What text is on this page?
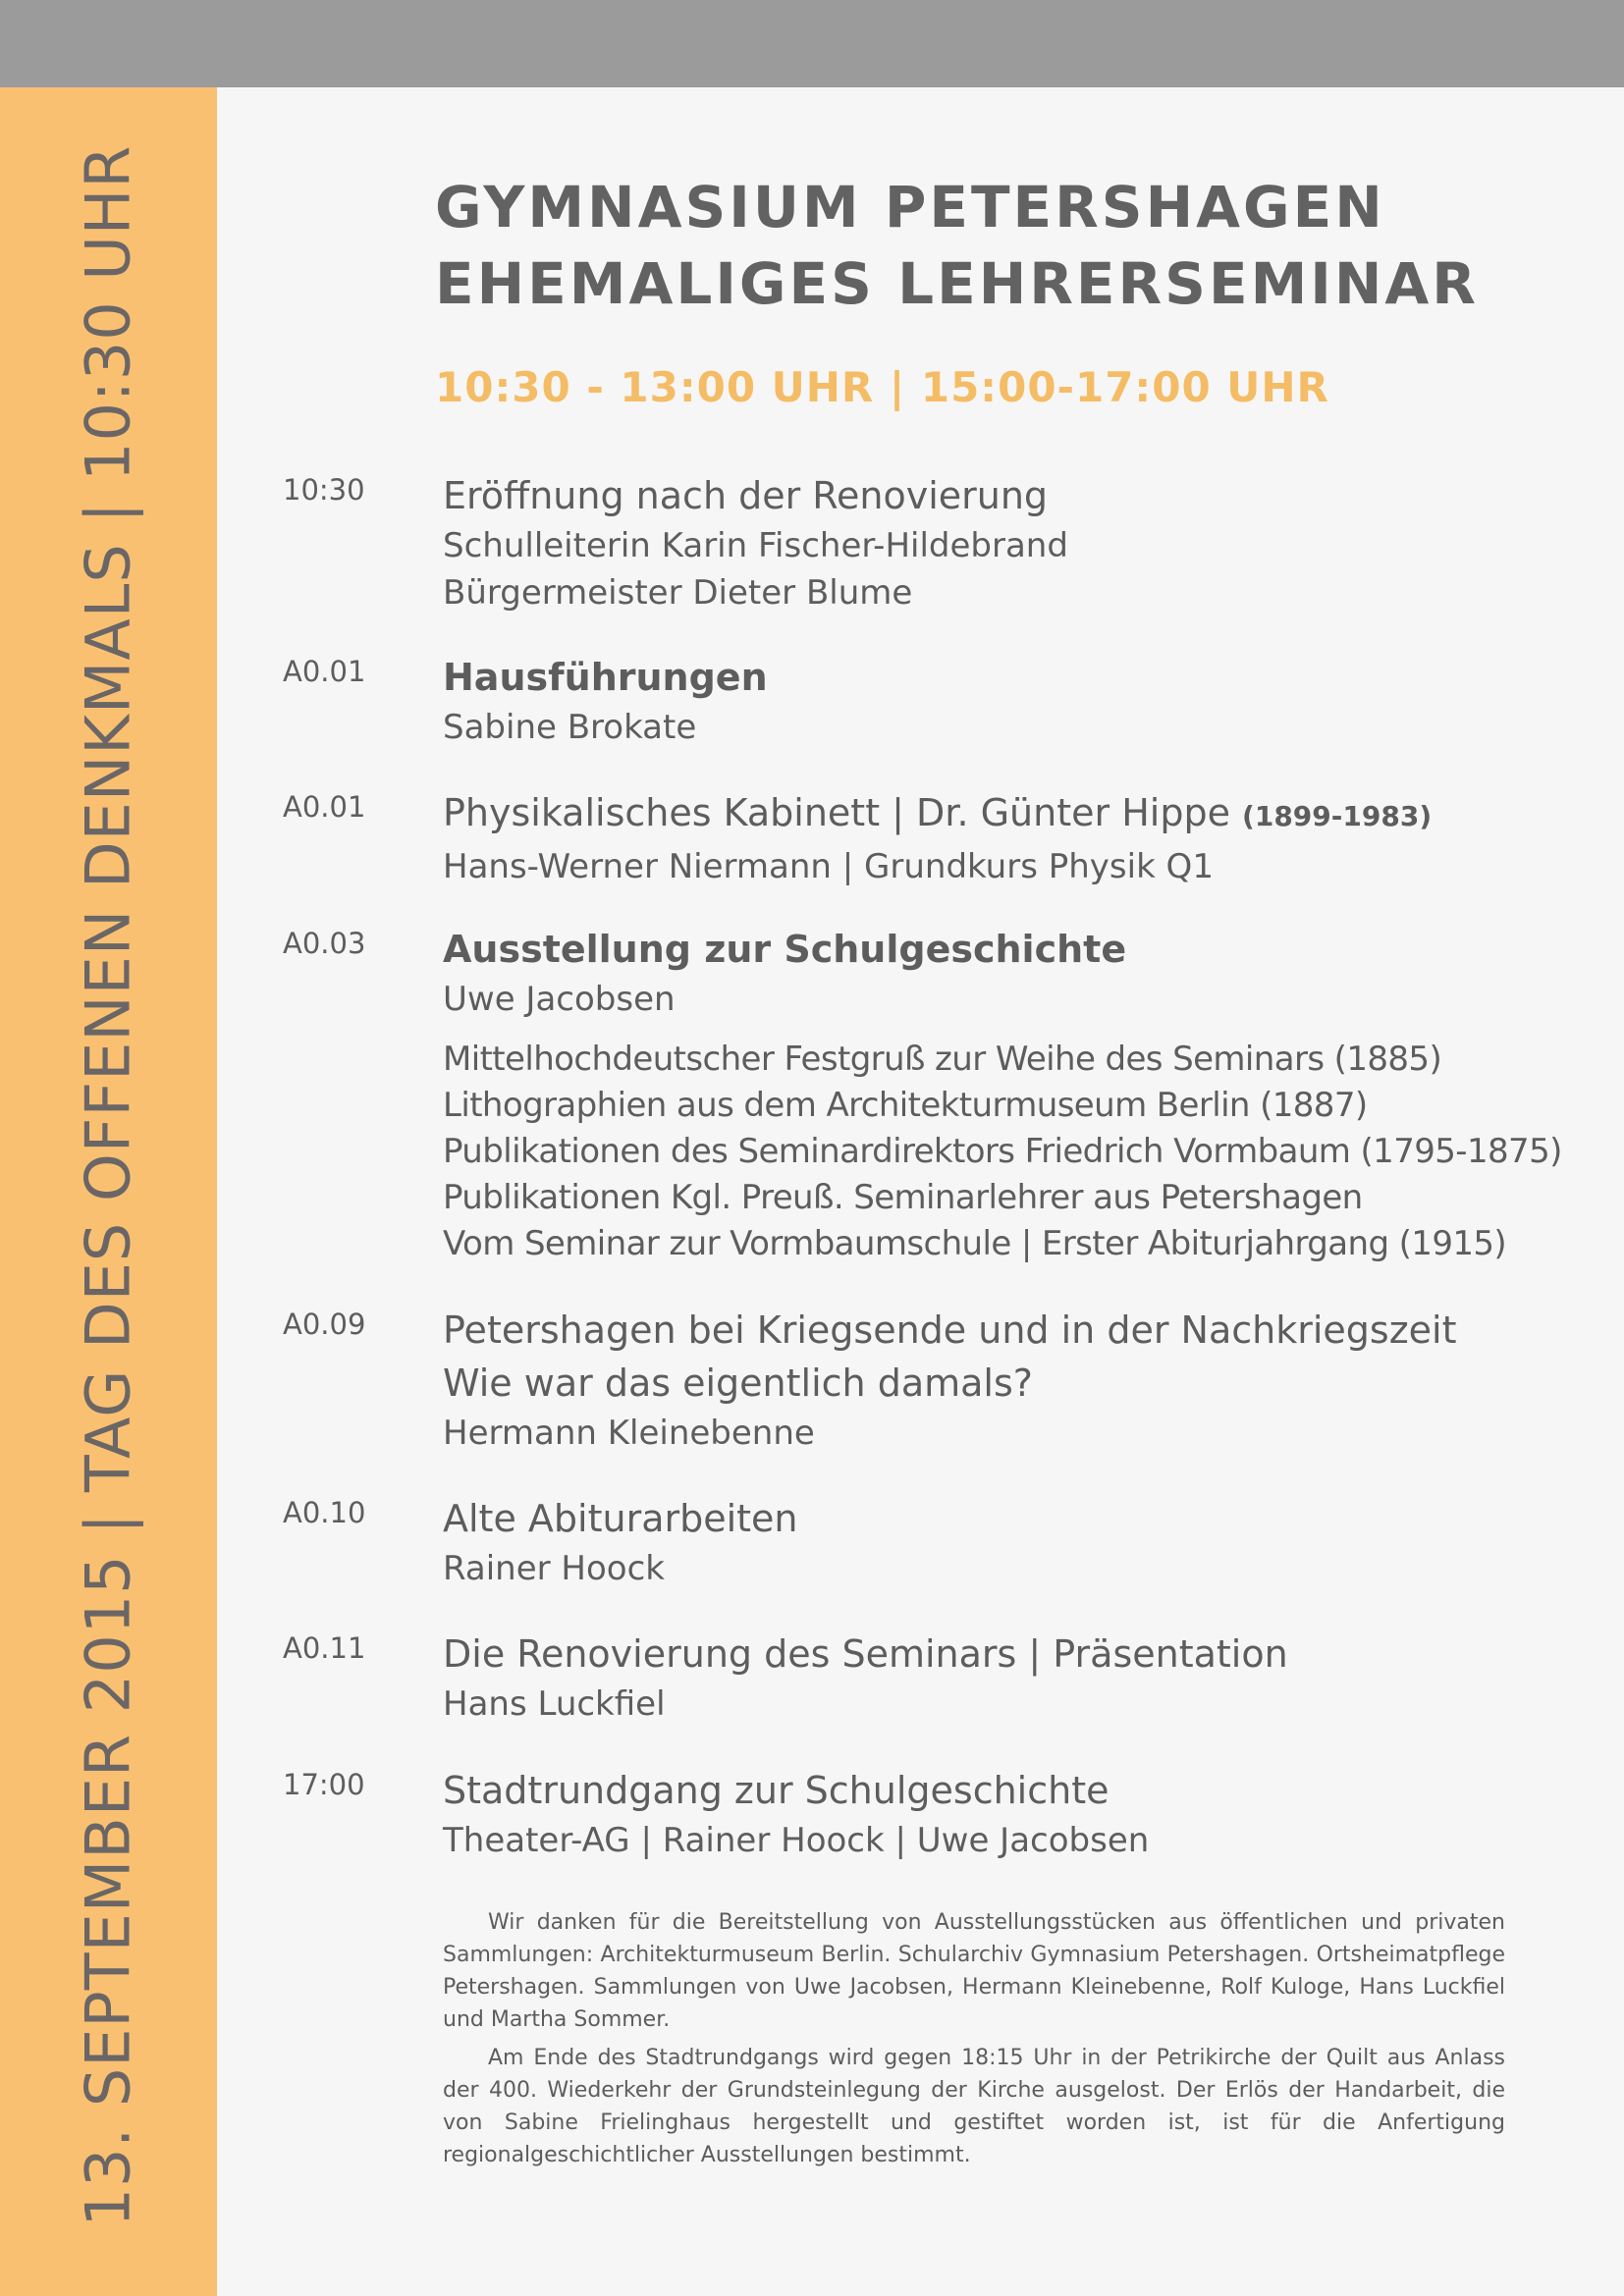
13. SEPTEMBER 2015 | TAG DES OFFENEN DENKMALS | 10:30 UHR	GYMNASIUM PETERSHAGEN
EHEMALIGES LEHRERSEMINAR
10:30 - 13:00 UHR | 15:00-17:00 UHR
10:30 Eröffnung nach der Renovierung
Schulleiterin Karin Fischer-Hildebrand
Bürgermeister Dieter Blume
A0.01 Hausführungen
Sabine Brokate
A0.01 Physikalisches Kabinett | Dr. Günter Hippe (1899-1983)
Hans-Werner Niermann | Grundkurs Physik Q1
A0.03 Ausstellung zur Schulgeschichte
Uwe Jacobsen
Mittelhochdeutscher Festgruß zur Weihe des Seminars (1885)
Lithographien aus dem Architekturmuseum Berlin (1887)
Publikationen des Seminardirektors Friedrich Vormbaum (1795-1875)
Publikationen Kgl. Preuß. Seminarlehrer aus Petershagen
Vom Seminar zur Vormbaumschule | Erster Abiturjahrgang (1915)
A0.09 Petershagen bei Kriegsende und in der Nachkriegszeit
Wie war das eigentlich damals?
Hermann Kleinebenne
A0.10 Alte Abiturarbeiten
Rainer Hoock
A0.11 Die Renovierung des Seminars | Präsentation
Hans Luckfiel
17:00 Stadtrundgang zur Schulgeschichte
Theater-AG | Rainer Hoock | Uwe Jacobsen

Wir danken für die Bereitstellung von Ausstellungsstücken aus öffentlichen und privaten Sammlungen: Architekturmuseum Berlin. Schularchiv Gymnasium Petershagen. Ortsheimatpflege Petershagen. Sammlungen von Uwe Jacobsen, Hermann Kleinebenne, Rolf Kuloge, Hans Luckfiel und Martha Sommer.

Am Ende des Stadtrundgangs wird gegen 18:15 Uhr in der Petrikirche der Quilt aus Anlass der 400. Wiederkehr der Grundsteinlegung der Kirche ausgelost. Der Erlös der Handarbeit, die von Sabine Frielinghaus hergestellt und gestiftet worden ist, ist für die Anfertigung regionalgeschichtlicher Ausstellungen bestimmt.
